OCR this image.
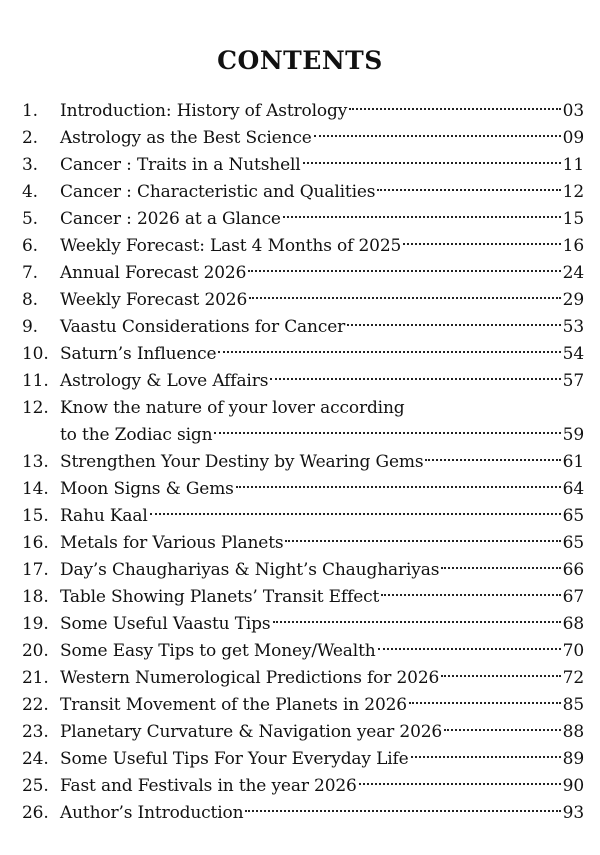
CONTENTS
1.	Introduction: History of Astrology	03
2.	Astrology as the Best Science	09
3.	Cancer : Traits in a Nutshell	11
4.	Cancer : Characteristic and Qualities	12
5.	Cancer : 2026 at a Glance	15
6.	Weekly Forecast: Last 4 Months of 2025	16
7.	Annual Forecast 2026	24
8.	Weekly Forecast 2026	29
9.	Vaastu Considerations for Cancer	53
10. Saturn’s Influence	54
11. Astrology & Love Affairs	57
12. Know the nature of your lover according
to the Zodiac sign	59
13. Strengthen Your Destiny by Wearing Gems	61
14. Moon Signs & Gems	64
15. Rahu Kaal	65
16. Metals for Various Planets	65
17. Day’s Chaughariyas & Night’s Chaughariyas	66
18. Table Showing Planets’ Transit Effect	67
19. Some Useful Vaastu Tips	68
20. Some Easy Tips to get Money/Wealth	70
21. Western Numerological Predictions for 2026	72
22. Transit Movement of the Planets in 2026	85
23. Planetary Curvature & Navigation year 2026	88
24. Some Useful Tips For Your Everyday Life	89
25. Fast and Festivals in the year 2026	90
26. Author’s Introduction	93
